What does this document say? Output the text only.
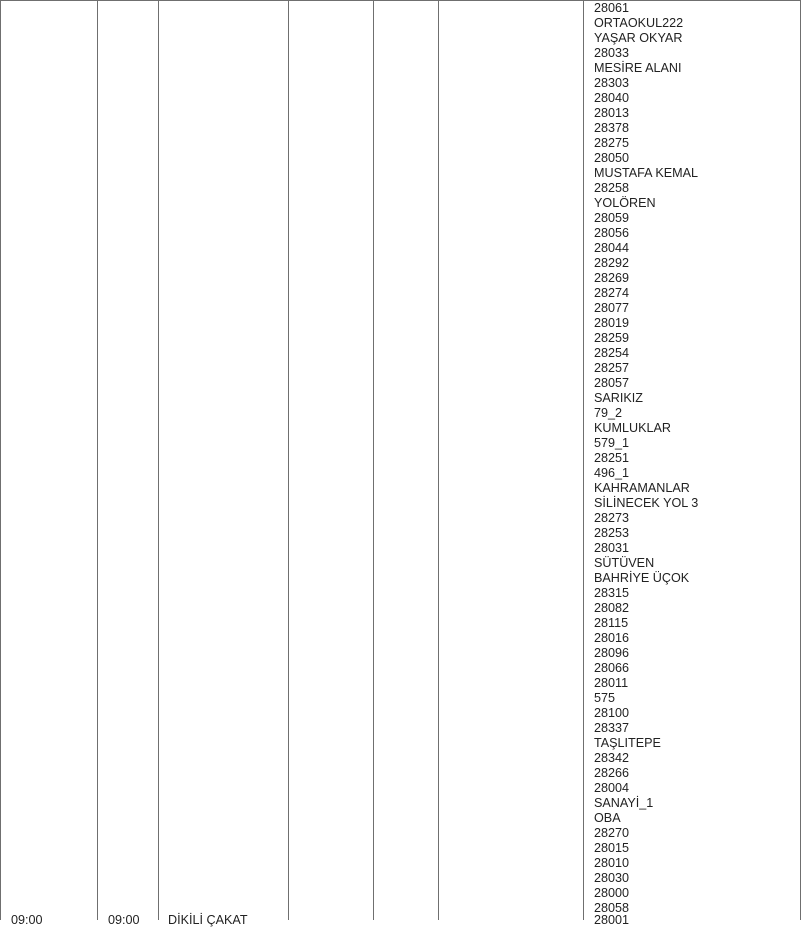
28061
ORTAOKUL222
YAŞAR OKYAR
28033
MESİRE ALANI
28303
28040
28013
28378
28275
28050
MUSTAFA KEMAL
28258
YOLÖREN
28059
28056
28044
28292
28269
28274
28077
28019
28259
28254
28257
28057
SARIKIZ
79_2
KUMLUKLAR
579_1
28251
496_1
KAHRAMANLAR
SİLİNECEK YOL 3
28273
28253
28031
SÜTÜVEN
BAHRİYE ÜÇOK
28315
28082
28115
28016
28096
28066
28011
575
28100
28337
TAŞLITEPE
28342
28266
28004
SANAYİ_1
OBA
28270
28015
28010
28030
28000
28058
09:00	09:00 DİKİLİ ÇAKAT	28001
